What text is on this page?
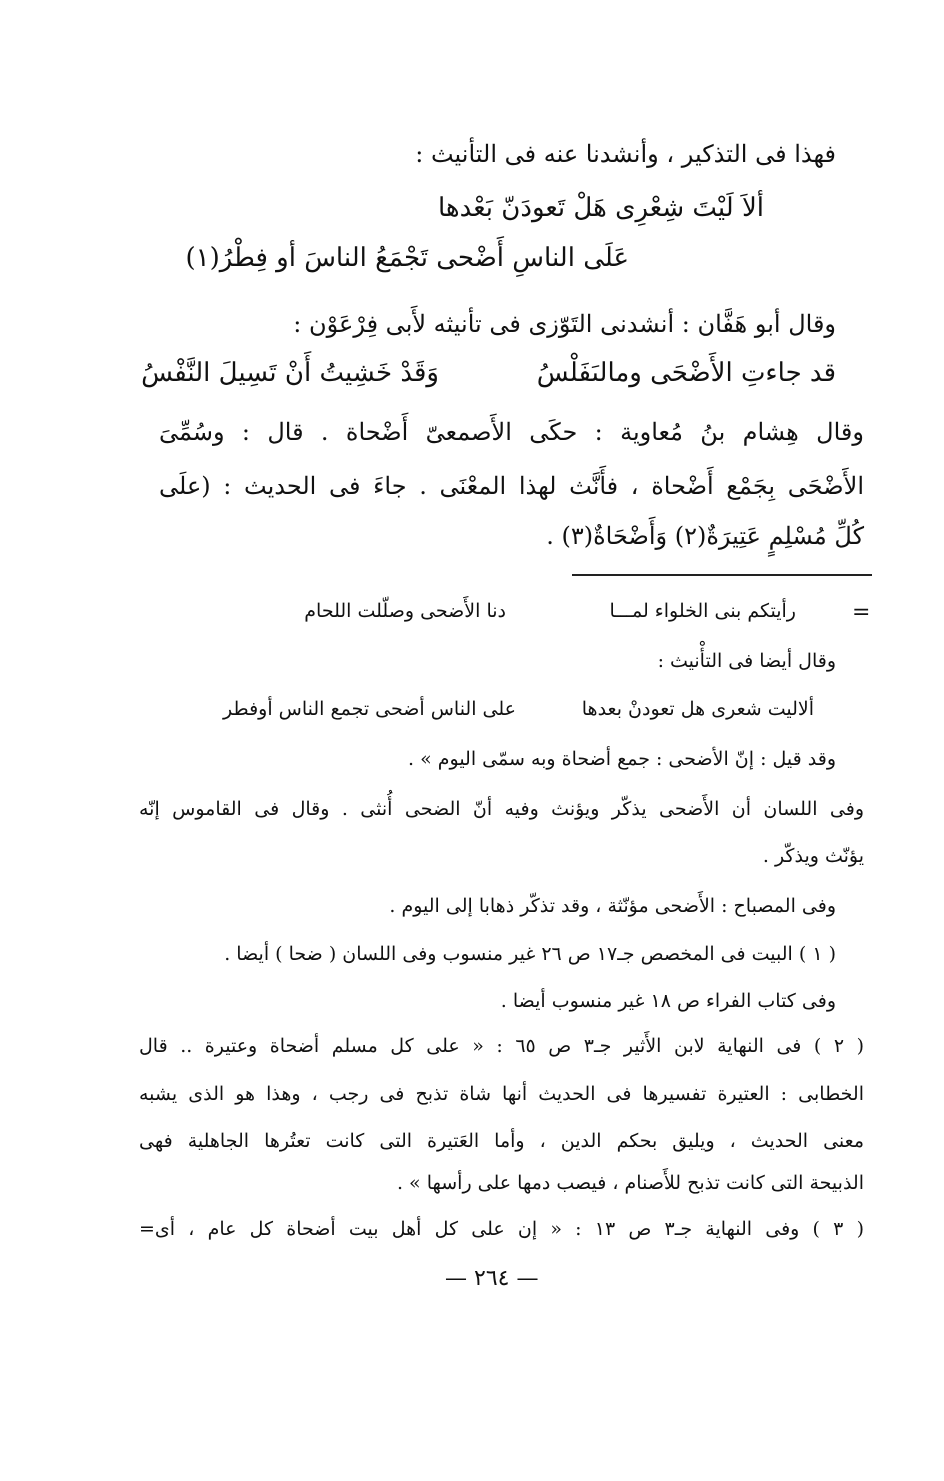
فهذا فى التذكير ، وأنشدنا عنه فى التأنيث :
ألاَ لَيْتَ شِعْرِى هَلْ تَعودَنّ بَعْدها
عَلَى الناسِ أَضْحى تَجْمَعُ الناسَ أو فِطْرُ(١)
وقال أبو هَفَّان : أنشدنى التَوّزى فى تأنيثه لأَبى فِرْعَوْن :
قد جاءتِ الأَضْحَى ومالىَفَلْسُ
وَقَدْ خَشِيتُ أَنْ تَسِيلَ النَّفْسُ
وقال هِشام بنُ مُعاوية : حكَى الأَصمعىّ أَضْحاة . قال : وسُمِّىَ
الأَضْحَى بِجَمْع أَضْحاة ، فأَنَّث لهذا المعْنَى . جاءَ فى الحديث : (علَى
كُلِّ مُسْلِمٍ عَتِيرَةٌ(٢) وَأَضْحَاةٌ(٣) .
=
رأيتكم بنى الخلواء لمـــا
دنا الأَضحى وصلّلت اللحام
وقال أيضا فى التأْنيث :
ألاليت شعرى هل تعودنْ بعدها
على الناس أضحى تجمع الناس أوفطر
وقد قيل : إنّ الأضحى : جمع أضحاة وبه سمّى اليوم » .
وفى اللسان أن الأَضحى يذكّر ويؤنث وفيه أنّ الضحى أُنثى . وقال فى القاموس إنّه
يؤنّث ويذكّر .
وفى المصباح : الأَضحى مؤنّثة ، وقد تذكّر ذهابا إلى اليوم .
( ١ ) البيت فى المخصص جـ١٧ ص ٢٦ غير منسوب وفى اللسان ( ضحا ) أيضا .
وفى كتاب الفراء ص ١٨ غير منسوب أيضا .
( ٢ ) فى النهاية لابن الأَثير جـ٣ ص ٦٥ : « على كل مسلم أضحاة وعتيرة .. قال
الخطابى : العتيرة تفسيرها فى الحديث أنها شاة تذبح فى رجب ، وهذا هو الذى يشبه
معنى الحديث ، ويليق بحكم الدين ، وأما العَتيرة التى كانت تعتُرها الجاهلية فهى
الذبيحة التى كانت تذبح للأَصنام ، فيصب دمها على رأسها » .
( ٣ ) وفى النهاية جـ٣ ص ١٣ : « إن على كل أهل بيت أضحاة كل عام ، أى=
— ٢٦٤ —
